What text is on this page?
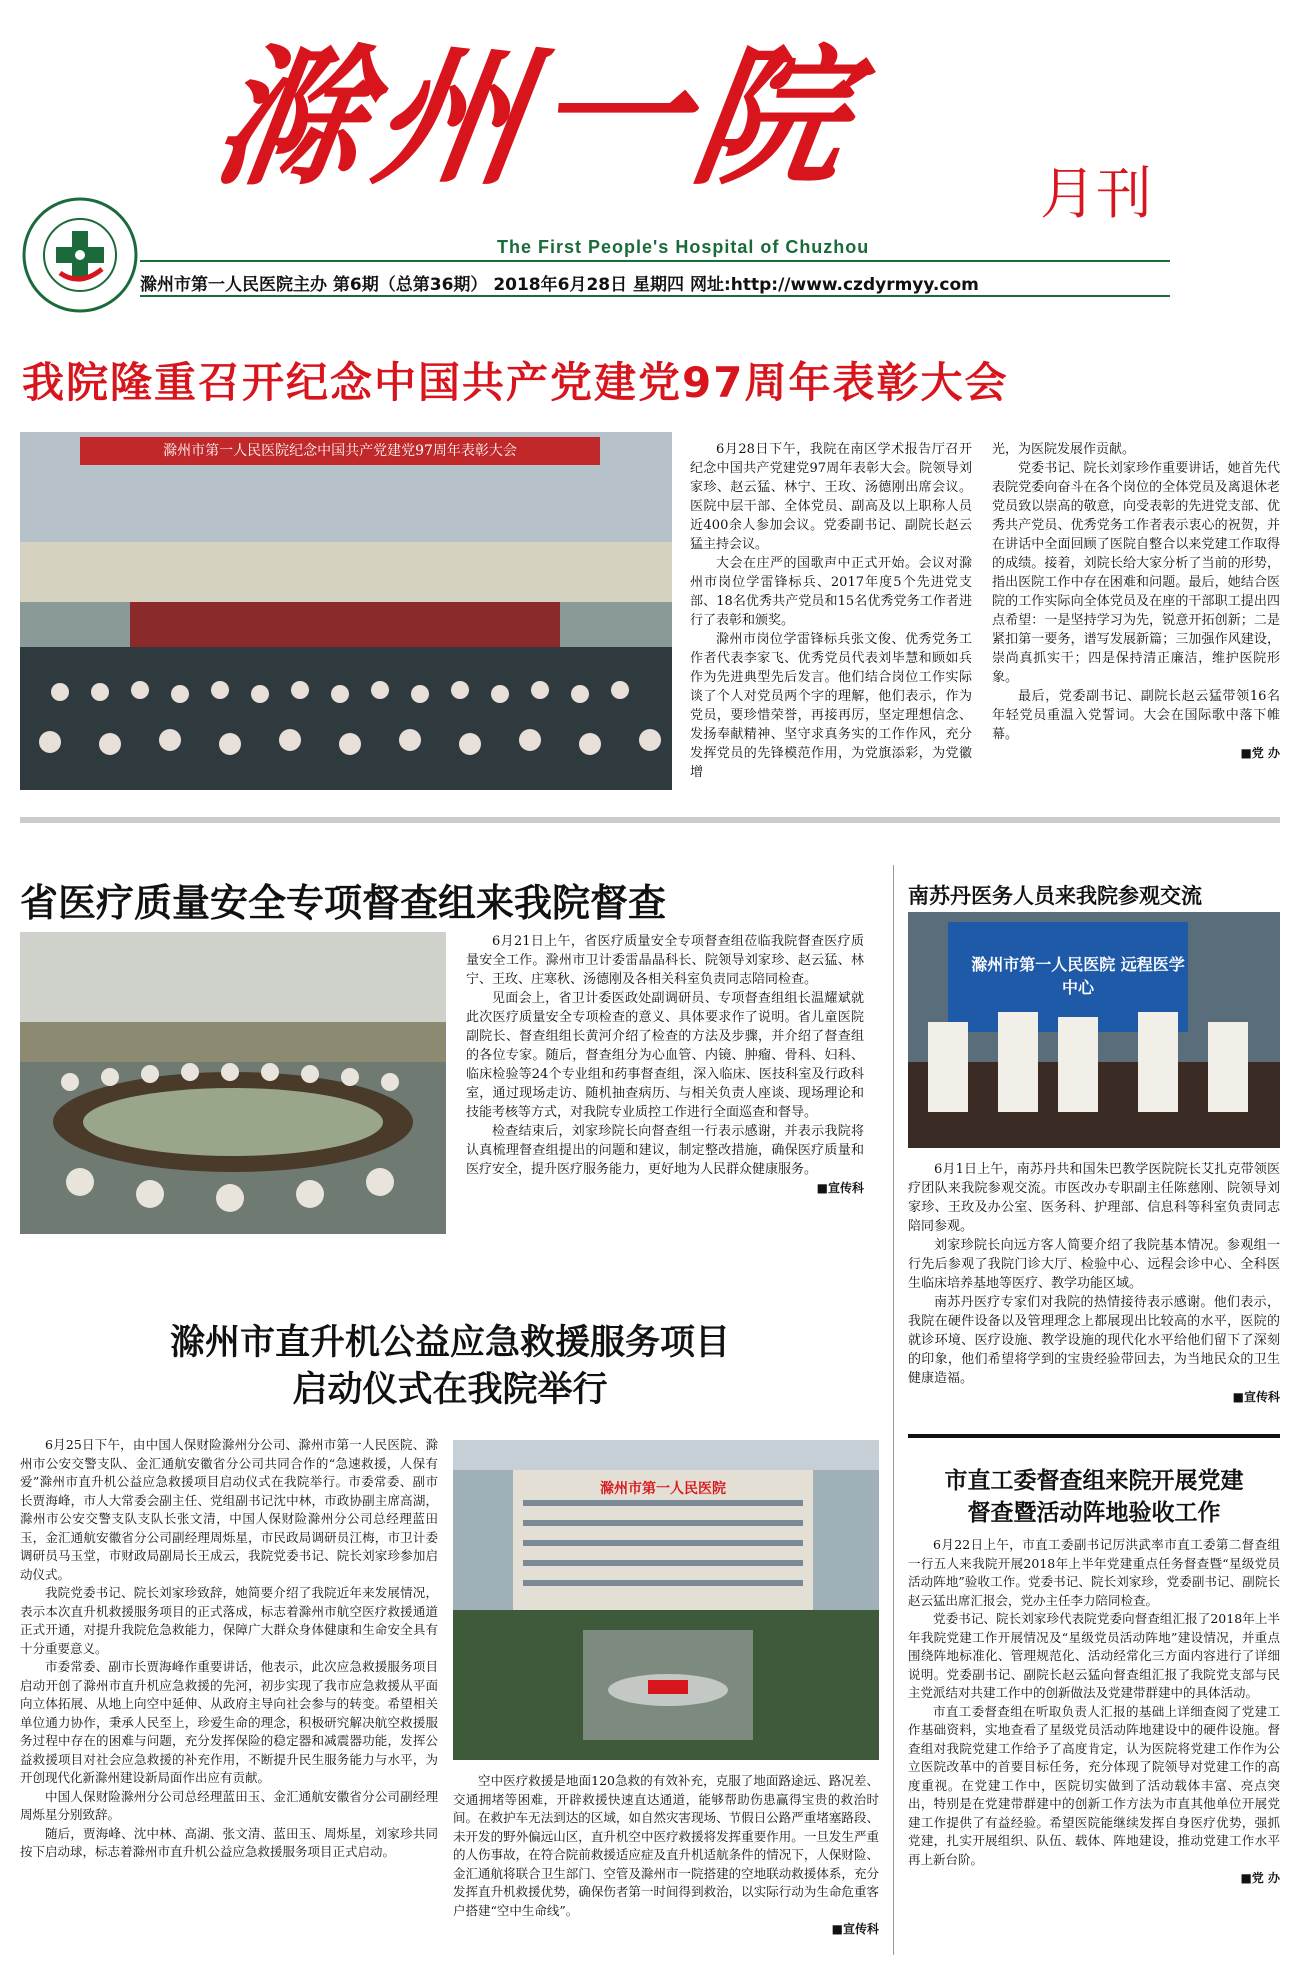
滁州一院	月刊
The First People's Hospital of Chuzhou
滁州市第一人民医院主办 第6期（总第36期） 2018年6月28日 星期四 网址:http://www.czdyrmyy.com
我院隆重召开纪念中国共产党建党97周年表彰大会
滁州市第一人民医院纪念中国共产党建党97周年表彰大会	6月28日下午，我院在南区学术报告厅召开纪念中国共产党建党97周年表彰大会。院领导刘家珍、赵云猛、林宁、王玫、汤德刚出席会议。医院中层干部、全体党员、副高及以上职称人员近400余人参加会议。党委副书记、副院长赵云猛主持会议。

大会在庄严的国歌声中正式开始。会议对滁州市岗位学雷锋标兵、2017年度5个先进党支部、18名优秀共产党员和15名优秀党务工作者进行了表彰和颁奖。

滁州市岗位学雷锋标兵张文俊、优秀党务工作者代表李家飞、优秀党员代表刘毕慧和顾如兵作为先进典型先后发言。他们结合岗位工作实际谈了个人对党员两个字的理解，他们表示，作为党员，要珍惜荣誉，再接再厉，坚定理想信念、发扬奉献精神、坚守求真务实的工作作风，充分发挥党员的先锋模范作用，为党旗添彩，为党徽增

光，为医院发展作贡献。

党委书记、院长刘家珍作重要讲话，她首先代表院党委向奋斗在各个岗位的全体党员及离退休老党员致以崇高的敬意，向受表彰的先进党支部、优秀共产党员、优秀党务工作者表示衷心的祝贺，并在讲话中全面回顾了医院自整合以来党建工作取得的成绩。接着，刘院长给大家分析了当前的形势，指出医院工作中存在困难和问题。最后，她结合医院的工作实际向全体党员及在座的干部职工提出四点希望：一是坚持学习为先，锐意开拓创新；二是紧扣第一要务，谱写发展新篇；三加强作风建设，崇尚真抓实干；四是保持清正廉洁，维护医院形象。

最后，党委副书记、副院长赵云猛带领16名年轻党员重温入党誓词。大会在国际歌中落下帷幕。

■党 办
省医疗质量安全专项督查组来我院督查

6月21日上午，省医疗质量安全专项督查组莅临我院督查医疗质量安全工作。滁州市卫计委雷晶晶科长、院领导刘家珍、赵云猛、林宁、王玫、庄寒秋、汤德刚及各相关科室负责同志陪同检查。

见面会上，省卫计委医政处副调研员、专项督查组组长温耀斌就此次医疗质量安全专项检查的意义、具体要求作了说明。省儿童医院副院长、督查组组长黄河介绍了检查的方法及步骤，并介绍了督查组的各位专家。随后，督查组分为心血管、内镜、肿瘤、骨科、妇科、临床检验等24个专业组和药事督查组，深入临床、医技科室及行政科室，通过现场走访、随机抽查病历、与相关负责人座谈、现场理论和技能考核等方式，对我院专业质控工作进行全面巡查和督导。

检查结束后，刘家珍院长向督查组一行表示感谢，并表示我院将认真梳理督查组提出的问题和建议，制定整改措施，确保医疗质量和医疗安全，提升医疗服务能力，更好地为人民群众健康服务。

■宣传科
南苏丹医务人员来我院参观交流
滁州市第一人民医院 远程医学中心

6月1日上午，南苏丹共和国朱巴教学医院院长艾扎克带领医疗团队来我院参观交流。市医改办专职副主任陈慈刚、院领导刘家珍、王玫及办公室、医务科、护理部、信息科等科室负责同志陪同参观。

刘家珍院长向远方客人简要介绍了我院基本情况。参观组一行先后参观了我院门诊大厅、检验中心、远程会诊中心、全科医生临床培养基地等医疗、教学功能区域。

南苏丹医疗专家们对我院的热情接待表示感谢。他们表示，我院在硬件设备以及管理理念上都展现出比较高的水平，医院的就诊环境、医疗设施、教学设施的现代化水平给他们留下了深刻的印象，他们希望将学到的宝贵经验带回去，为当地民众的卫生健康造福。

■宣传科
市直工委督查组来院开展党建
督查暨活动阵地验收工作

6月22日上午，市直工委副书记厉洪武率市直工委第二督查组一行五人来我院开展2018年上半年党建重点任务督查暨“星级党员活动阵地”验收工作。党委书记、院长刘家珍，党委副书记、副院长赵云猛出席汇报会，党办主任李力陪同检查。

党委书记、院长刘家珍代表院党委向督查组汇报了2018年上半年我院党建工作开展情况及“星级党员活动阵地”建设情况，并重点围绕阵地标准化、管理规范化、活动经常化三方面内容进行了详细说明。党委副书记、副院长赵云猛向督查组汇报了我院党支部与民主党派结对共建工作中的创新做法及党建带群建中的具体活动。

市直工委督查组在听取负责人汇报的基础上详细查阅了党建工作基础资料，实地查看了星级党员活动阵地建设中的硬件设施。督查组对我院党建工作给予了高度肯定，认为医院将党建工作作为公立医院改革中的首要目标任务，充分体现了院领导对党建工作的高度重视。在党建工作中，医院切实做到了活动载体丰富、亮点突出，特别是在党建带群建中的创新工作方法为市直其他单位开展党建工作提供了有益经验。希望医院能继续发挥自身医疗优势，强抓党建，扎实开展组织、队伍、载体、阵地建设，推动党建工作水平再上新台阶。

■党 办
滁州市直升机公益应急救援服务项目
启动仪式在我院举行

6月25日下午，由中国人保财险滁州分公司、滁州市第一人民医院、滁州市公安交警支队、金汇通航安徽省分公司共同合作的“急速救援，人保有爱”滁州市直升机公益应急救援项目启动仪式在我院举行。市委常委、副市长贾海峰，市人大常委会副主任、党组副书记沈中林，市政协副主席高湖，滁州市公安交警支队支队长张文清，中国人保财险滁州分公司总经理蓝田玉，金汇通航安徽省分公司副经理周烁星，市民政局调研员江梅，市卫计委调研员马玉堂，市财政局副局长王成云，我院党委书记、院长刘家珍参加启动仪式。

我院党委书记、院长刘家珍致辞，她简要介绍了我院近年来发展情况，表示本次直升机救援服务项目的正式落成，标志着滁州市航空医疗救援通道正式开通，对提升我院危急救能力，保障广大群众身体健康和生命安全具有十分重要意义。

市委常委、副市长贾海峰作重要讲话，他表示，此次应急救援服务项目启动开创了滁州市直升机应急救援的先河，初步实现了我市应急救援从平面向立体拓展、从地上向空中延伸、从政府主导向社会参与的转变。希望相关单位通力协作，秉承人民至上，珍爱生命的理念，积极研究解决航空救援服务过程中存在的困难与问题，充分发挥保险的稳定器和减震器功能，发挥公益救援项目对社会应急救援的补充作用，不断提升民生服务能力与水平，为开创现代化新滁州建设新局面作出应有贡献。

中国人保财险滁州分公司总经理蓝田玉、金汇通航安徽省分公司副经理周烁星分别致辞。

随后，贾海峰、沈中林、高湖、张文清、蓝田玉、周烁星，刘家珍共同按下启动球，标志着滁州市直升机公益应急救援服务项目正式启动。

滁州市第一人民医院

空中医疗救援是地面120急救的有效补充，克服了地面路途远、路况差、交通拥堵等困难，开辟救援快速直达通道，能够帮助伤患赢得宝贵的救治时间。在救护车无法到达的区域，如自然灾害现场、节假日公路严重堵塞路段、未开发的野外偏远山区，直升机空中医疗救援将发挥重要作用。一旦发生严重的人伤事故，在符合院前救援适应症及直升机适航条件的情况下，人保财险、金汇通航将联合卫生部门、空管及滁州市一院搭建的空地联动救援体系，充分发挥直升机救援优势，确保伤者第一时间得到救治，以实际行动为生命危重客户搭建“空中生命线”。

■宣传科
